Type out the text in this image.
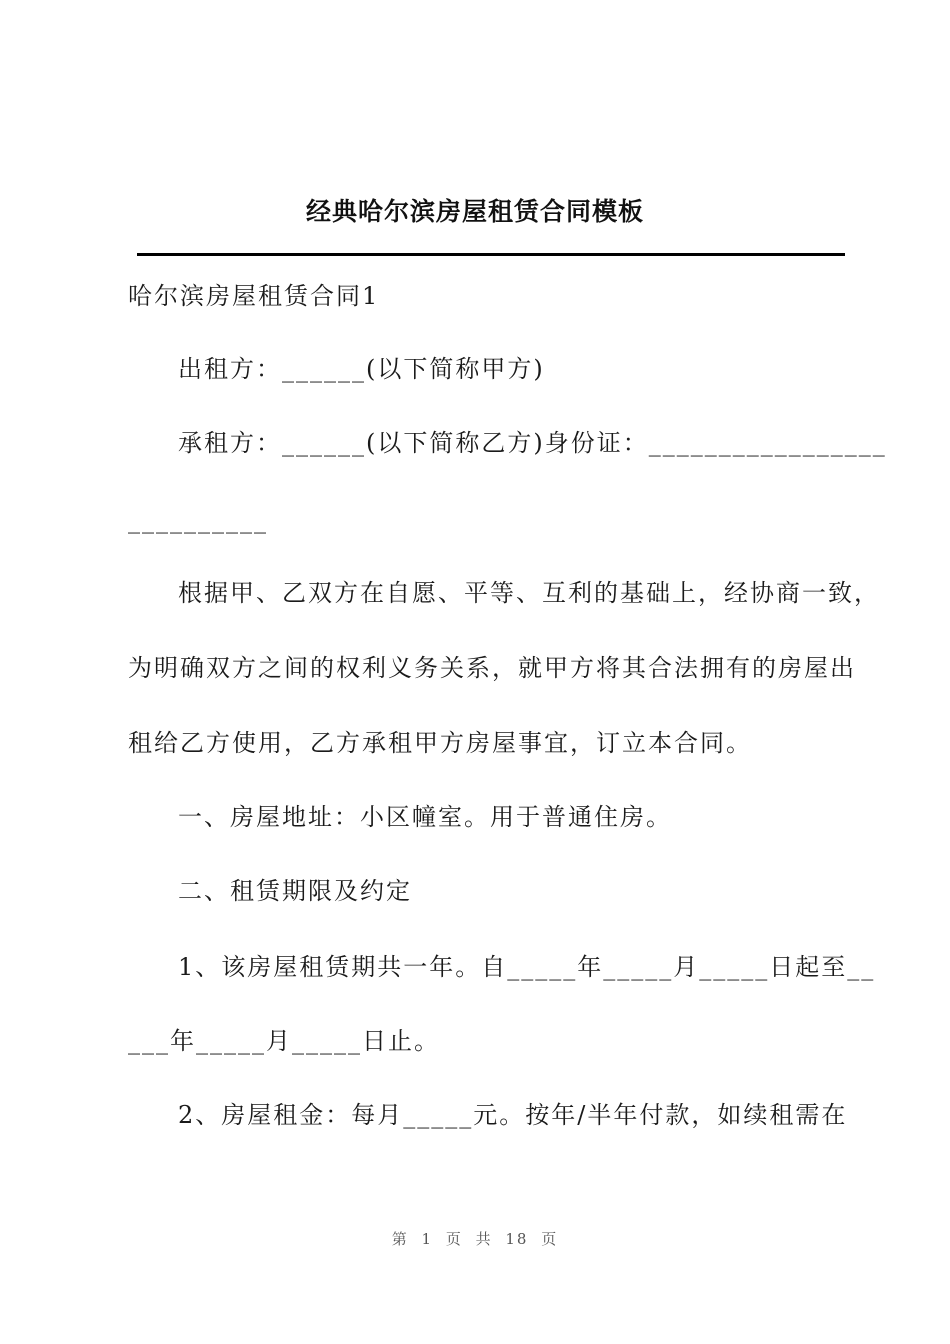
经典哈尔滨房屋租赁合同模板
哈尔滨房屋租赁合同1
出租方：______(以下简称甲方)
承租方：______(以下简称乙方)身份证：_________________
__________
根据甲、乙双方在自愿、平等、互利的基础上，经协商一致，
为明确双方之间的权利义务关系，就甲方将其合法拥有的房屋出
租给乙方使用，乙方承租甲方房屋事宜，订立本合同。
一、房屋地址：小区幢室。用于普通住房。
二、租赁期限及约定
1、该房屋租赁期共一年。自_____年_____月_____日起至__
___年_____月_____日止。
2、房屋租金：每月_____元。按年/半年付款，如续租需在
第 1 页 共 18 页
